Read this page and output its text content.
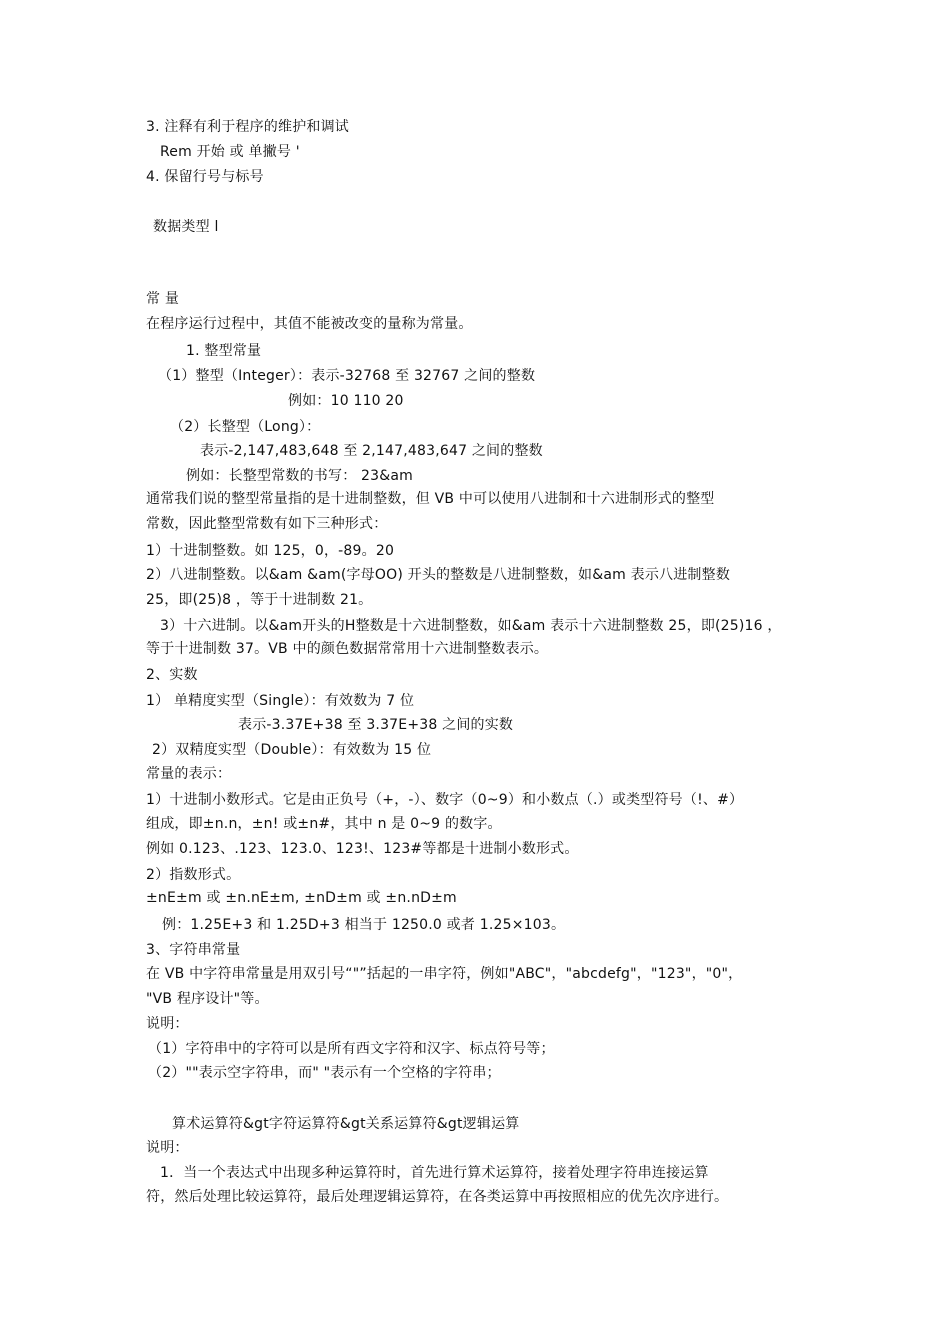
3. 注释有利于程序的维护和调试
Rem 开始 或 单撇号 '
4. 保留行号与标号
数据类型 l
常 量
在程序运行过程中，其值不能被改变的量称为常量。
1. 整型常量
（1）整型（Integer）：表示-32768 至 32767 之间的整数
例如：10 110 20
（2）长整型（Long）：
表示-2,147,483,648 至 2,147,483,647 之间的整数
例如：长整型常数的书写： 23&am
通常我们说的整型常量指的是十进制整数，但 VB 中可以使用八进制和十六进制形式的整型
常数，因此整型常数有如下三种形式：
1）十进制整数。如 125，0，-89。20
2）八进制整数。以&am &am(字母OO) 开头的整数是八进制整数，如&am 表示八进制整数
25，即(25)8 ，等于十进制数 21。
3）十六进制。以&am开头的H整数是十六进制整数，如&am 表示十六进制整数 25，即(25)16 ，
等于十进制数 37。VB 中的颜色数据常常用十六进制整数表示。
2、实数
1） 单精度实型（Single）：有效数为 7 位
表示-3.37E+38 至 3.37E+38 之间的实数
2）双精度实型（Double）：有效数为 15 位
常量的表示：
1）十进制小数形式。它是由正负号（+，-）、数字（0~9）和小数点（.）或类型符号（!、#）
组成，即±n.n，±n! 或±n#，其中 n 是 0~9 的数字。
例如 0.123、.123、123.0、123!、123#等都是十进制小数形式。
2）指数形式。
±nE±m 或 ±n.nE±m, ±nD±m 或 ±n.nD±m
例：1.25E+3 和 1.25D+3 相当于 1250.0 或者 1.25×103。
3、字符串常量
在 VB 中字符串常量是用双引号“"”括起的一串字符，例如"ABC"，"abcdefg"，"123"，"0"，
"VB 程序设计"等。
说明：
（1）字符串中的字符可以是所有西文字符和汉字、标点符号等；
（2）""表示空字符串，而" "表示有一个空格的字符串；
算术运算符&gt字符运算符&gt关系运算符&gt逻辑运算
说明：
1．当一个表达式中出现多种运算符时，首先进行算术运算符，接着处理字符串连接运算
符，然后处理比较运算符，最后处理逻辑运算符，在各类运算中再按照相应的优先次序进行。
